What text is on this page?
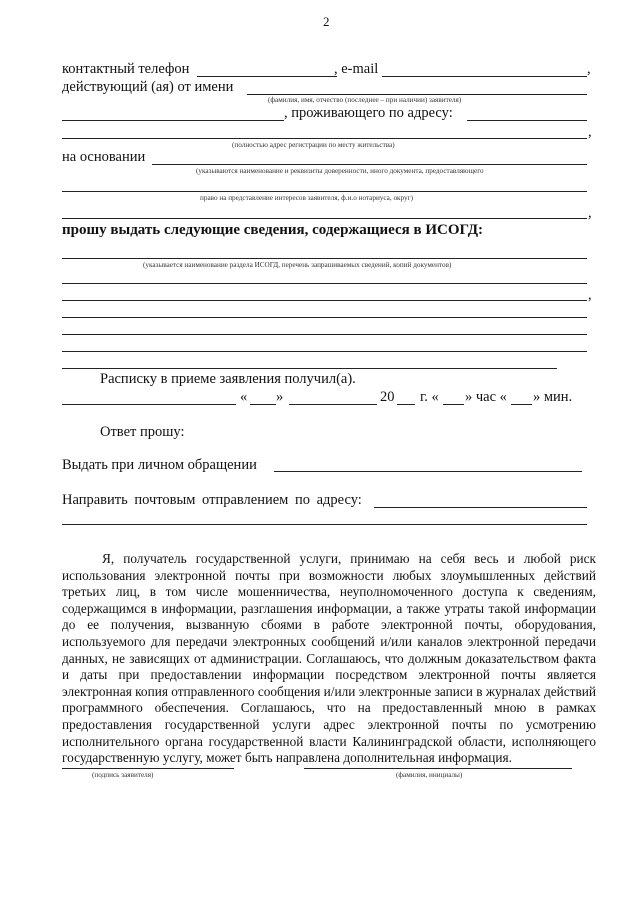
2
контактный телефон	, e-mail	,
действующий (ая) от имени
(фамилия, имя, отчество (последнее – при наличии) заявителя)
, проживающего по адресу:
,
(полностью адрес регистрации по месту жительства)
на основании
(указываются наименование и реквизиты доверенности, иного документа, предоставляющего
право на представление интересов заявителя, ф.и.о нотариуса, округ)
,
прошу выдать следующие сведения, содержащиеся в ИСОГД:
(указывается наименование раздела ИСОГД, перечень запрашиваемых сведений, копий документов)
,
Расписку в приеме заявления получил(а).
« »	20 г. « » час « » мин.
Ответ прошу:
Выдать при личном обращении
Направить почтовым отправлением по адресу:
Я, получатель государственной услуги, принимаю на себя весь и любой риск использования электронной почты при возможности любых злоумышленных действий третьих лиц, в том числе мошенничества, неуполномоченного доступа к сведениям, содержащимся в информации, разглашения информации, а также утраты такой информации до ее получения, вызванную сбоями в работе электронной почты, оборудования, используемого для передачи электронных сообщений и/или каналов электронной передачи данных, не зависящих от администрации. Соглашаюсь, что должным доказательством факта и даты при предоставлении информации посредством электронной почты является электронная копия отправленного сообщения и/или электронные записи в журналах действий программного обеспечения. Соглашаюсь, что на предоставленный мною в рамках предоставления государственной услуги адрес электронной почты по усмотрению исполнительного органа государственной власти Калининградской области, исполняющего государственную услугу, может быть направлена дополнительная информация.
(подпись заявителя)	(фамилия, инициалы)
